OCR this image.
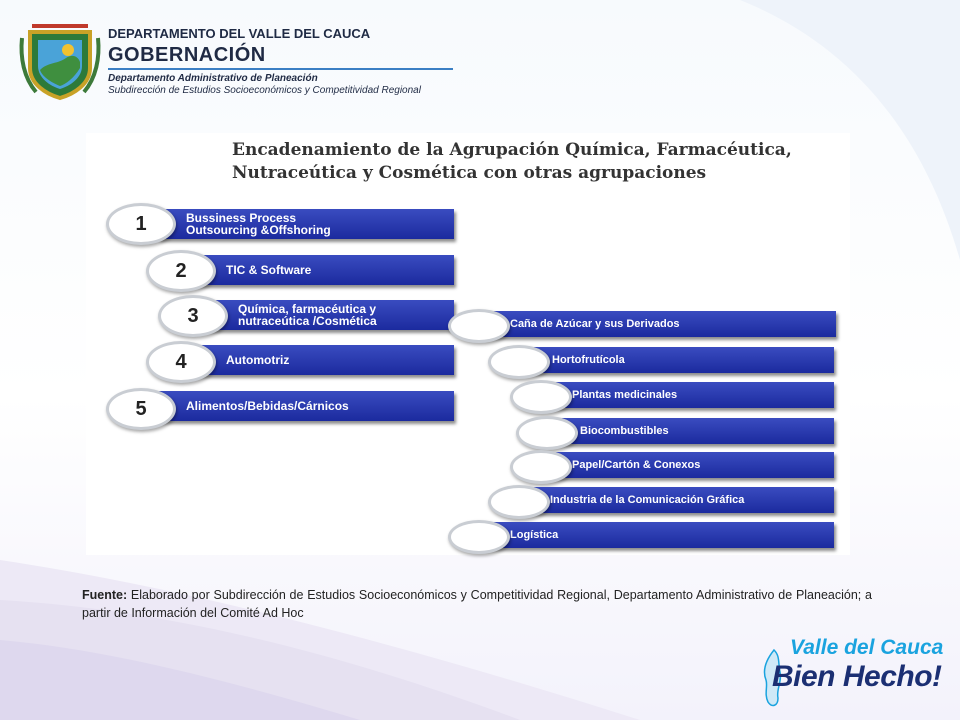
DEPARTAMENTO DEL VALLE DEL CAUCA
GOBERNACIÓN
Departamento Administrativo de Planeación
Subdirección de Estudios Socioeconómicos y Competitividad Regional
Encadenamiento de la Agrupación Química, Farmacéutica,
Nutraceútica y Cosmética con otras agrupaciones
Bussiness Process
Outsourcing &Offshoring
1
TIC & Software
2
Química, farmacéutica y
nutraceútica /Cosmética
3
Automotriz
4
Alimentos/Bebidas/Cárnicos
5
Caña de Azúcar y sus Derivados
Hortofrutícola
Plantas medicinales
Biocombustibles
Papel/Cartón & Conexos
Industria de la Comunicación Gráfica
Logística
Fuente: Elaborado por Subdirección de Estudios Socioeconómicos y Competitividad Regional, Departamento Administrativo de Planeación; a partir de Información del Comité Ad Hoc
Valle del Cauca
Bien Hecho!
